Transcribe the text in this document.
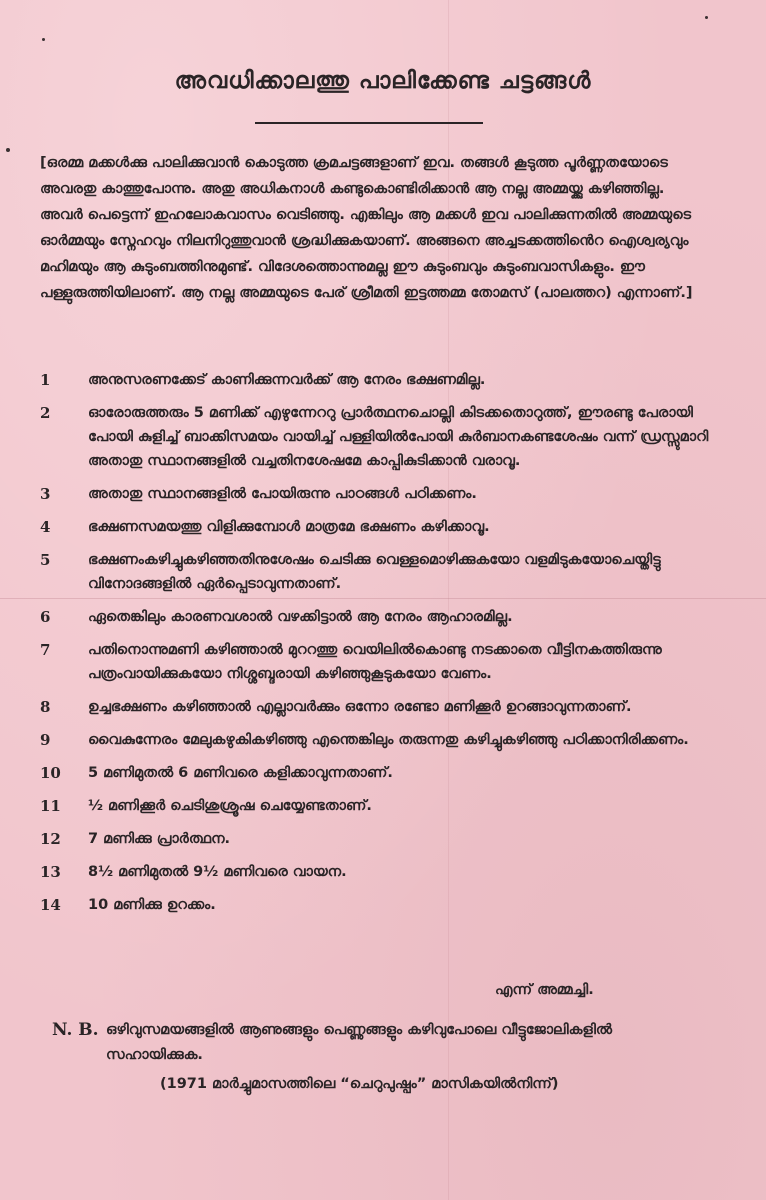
അവധിക്കാലത്തു പാലിക്കേണ്ട ചട്ടങ്ങൾ
[ഒരമ്മ മക്കൾക്കു പാലിക്കുവാൻ കൊടുത്ത ക്രമചട്ടങ്ങളാണ് ഇവ. തങ്ങൾ കൂടുത്ത പൂർണ്ണതയോടെ അവരതു കാത്തുപോന്നു. അതു അധികനാൾ കണ്ടുകൊണ്ടിരിക്കാൻ ആ നല്ല അമ്മയ്ക്കു കഴിഞ്ഞില്ല. അവർ പെട്ടെന്ന് ഇഹലോകവാസം വെടിഞ്ഞു. എങ്കിലും ആ മക്കൾ ഇവ പാലിക്കുന്നതിൽ അമ്മയുടെ ഓർമ്മയും സ്നേഹവും നിലനിറുത്തുവാൻ ശ്രദ്ധിക്കുകയാണ്. അങ്ങനെ അച്ചടക്കത്തിൻെറ ഐശ്വര്യവും മഹിമയും ആ കുടുംബത്തിനുമുണ്ട്. വിദേശത്തൊന്നുമല്ല ഈ കുടുംബവും കുടുംബവാസികളും. ഈ പള്ളുരുത്തിയിലാണ്. ആ നല്ല അമ്മയുടെ പേര് ശ്രീമതി ഇട്ടത്തമ്മ തോമസ് (പാലത്തറ) എന്നാണ്.]
1	അനുസരണക്കേട് കാണിക്കുന്നവർക്ക് ആ നേരം ഭക്ഷണമില്ല.
2	ഓരോരുത്തരും 5 മണിക്ക് എഴുന്നേററു പ്രാർത്ഥനചൊല്ലി കിടക്കതൊറുത്ത്, ഈരണ്ടു പേരായി പോയി കുളിച്ച് ബാക്കിസമയം വായിച്ച് പള്ളിയിൽപോയി കുർബാനകണ്ടശേഷം വന്ന് ഡ്രസ്സുമാറി അതാതു സ്ഥാനങ്ങളിൽ വച്ചതിനശേഷമേ കാപ്പികുടിക്കാൻ വരാവൂ.
3	അതാതു സ്ഥാനങ്ങളിൽ പോയിരുന്നു പാഠങ്ങൾ പഠിക്കണം.
4	ഭക്ഷണസമയത്തു വിളിക്കുമ്പോൾ മാത്രമേ ഭക്ഷണം കഴിക്കാവൂ.
5	ഭക്ഷണംകഴിച്ചുകഴിഞ്ഞതിനുശേഷം ചെടിക്കു വെള്ളമൊഴിക്കുകയോ വളമിടുകയോചെയ്തിട്ടു വിനോദങ്ങളിൽ ഏർപ്പെടാവുന്നതാണ്.
6	ഏതെങ്കിലും കാരണവശാൽ വഴക്കിട്ടാൽ ആ നേരം ആഹാരമില്ല.
7	പതിനൊന്നുമണി കഴിഞ്ഞാൽ മുററത്തു വെയിലിൽകൊണ്ടു നടക്കാതെ വീട്ടിനകത്തിരുന്നു പത്രംവായിക്കുകയോ നിശ്ശബ്ദരായി കഴിഞ്ഞുകൂടുകയോ വേണം.
8	ഉച്ചഭക്ഷണം കഴിഞ്ഞാൽ എല്ലാവർക്കും ഒന്നോ രണ്ടോ മണിക്കൂർ ഉറങ്ങാവുന്നതാണ്.
9	വൈകുന്നേരം മേലുകഴുകികഴിഞ്ഞു എന്തെങ്കിലും തരുന്നതു കഴിച്ചുകഴിഞ്ഞു പഠിക്കാനിരിക്കണം.
10	5 മണിമുതൽ 6 മണിവരെ കളിക്കാവുന്നതാണ്.
11	½ മണിക്കൂർ ചെടിശുശ്രൂഷ ചെയ്യേണ്ടതാണ്.
12	7 മണിക്കു പ്രാർത്ഥന.
13	8½ മണിമുതൽ 9½ മണിവരെ വായന.
14	10 മണിക്കു ഉറക്കം.
എന്ന് അമ്മച്ചി.
N. B. ഒഴിവുസമയങ്ങളിൽ ആണുങ്ങളും പെണ്ണുങ്ങളും കഴിവുപോലെ വീട്ടുജോലികളിൽ സഹായിക്കുക.
(1971 മാർച്ചുമാസത്തിലെ “ചെറുപുഷ്പം” മാസികയിൽനിന്ന്)
